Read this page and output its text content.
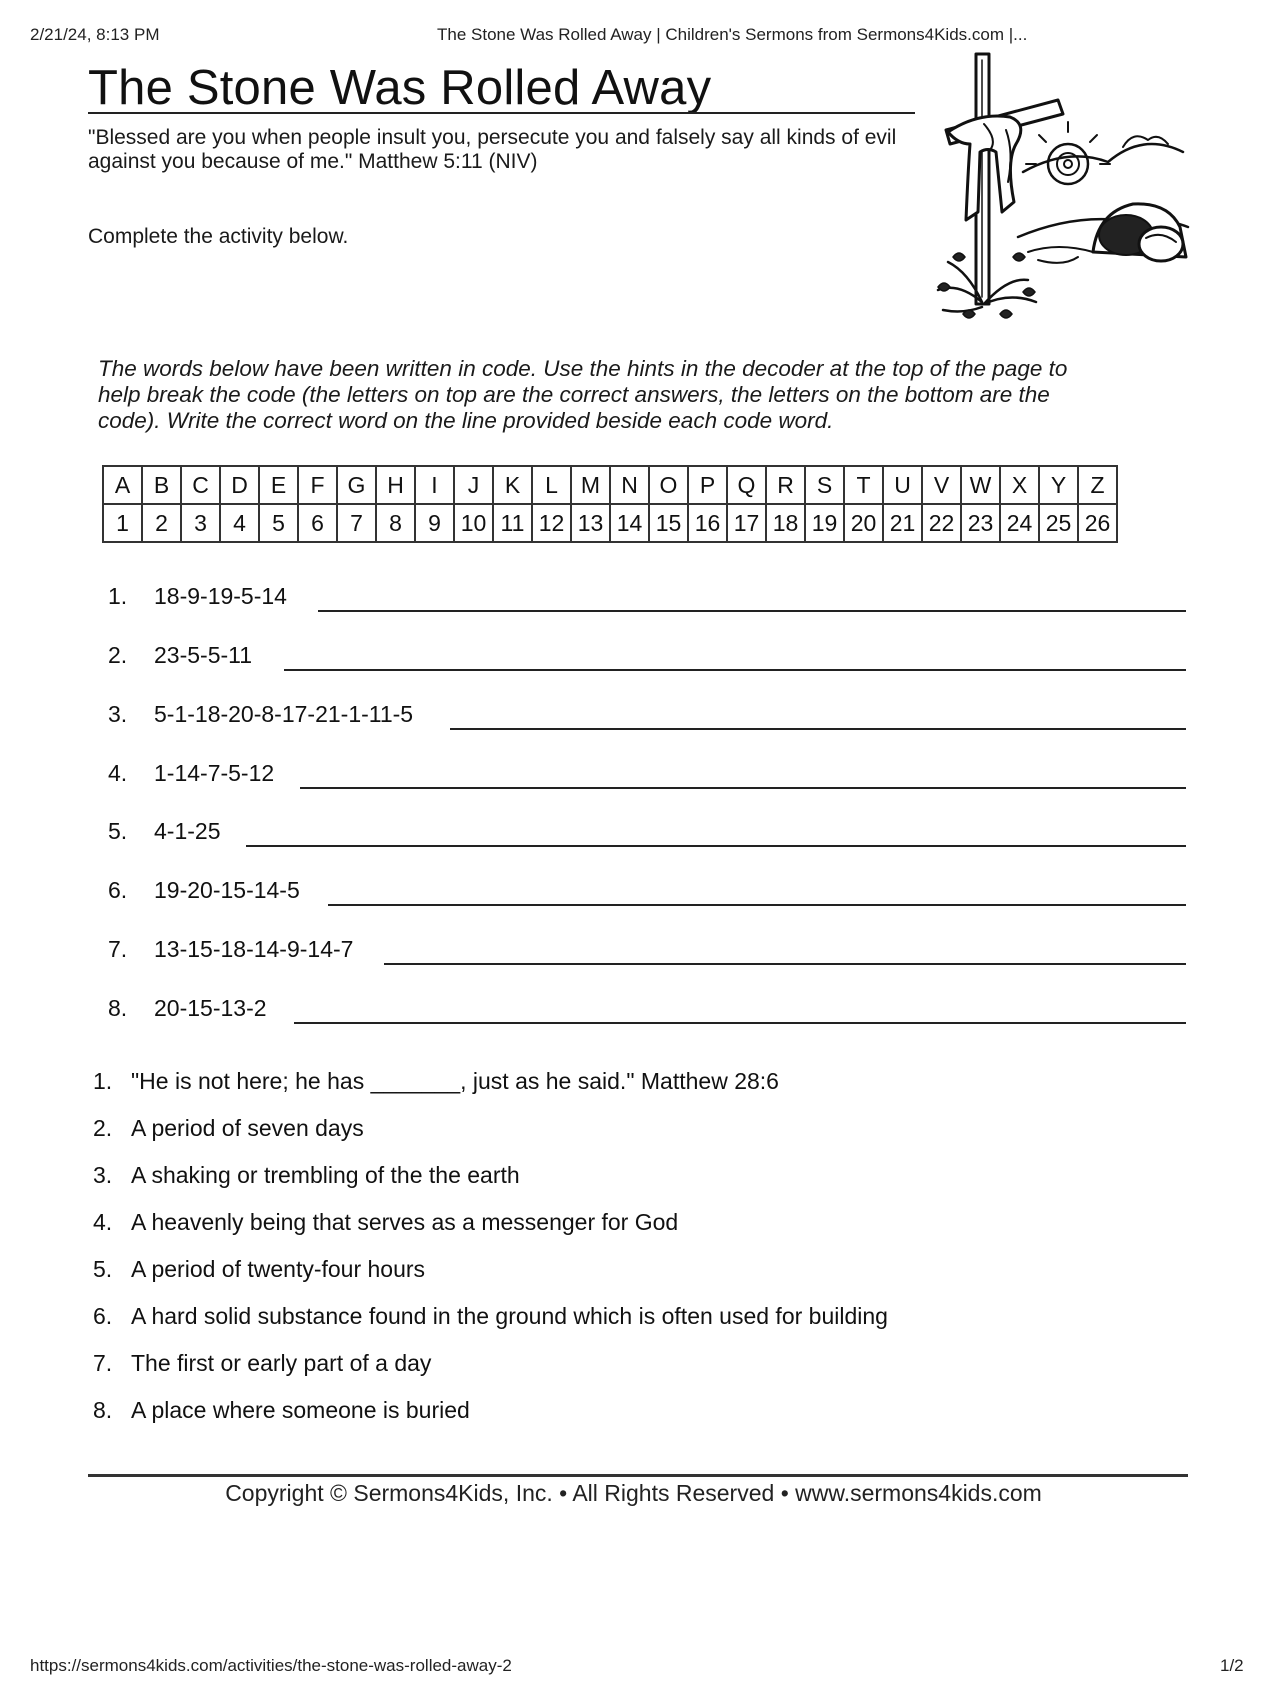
2/21/24, 8:13 PM	The Stone Was Rolled Away | Children's Sermons from Sermons4Kids.com |...
The Stone Was Rolled Away
"Blessed are you when people insult you, persecute you and falsely say all kinds of evil against you because of me." Matthew 5:11 (NIV)
Complete the activity below.
The words below have been written in code. Use the hints in the decoder at the top of the page to help break the code (the letters on top are the correct answers, the letters on the bottom are the code). Write the correct word on the line provided beside each code word.
A	B	C	D	E	F	G	H	I	J	K	L	M	N	O	P	Q	R	S	T	U	V	W	X	Y	Z
1	2	3	4	5	6	7	8	9	10	11	12	13	14	15	16	17	18	19	20	21	22	23	24	25	26
1. 18-9-19-5-14
2. 23-5-5-11
3. 5-1-18-20-8-17-21-1-11-5
4. 1-14-7-5-12
5. 4-1-25
6. 19-20-15-14-5
7. 13-15-18-14-9-14-7
8. 20-15-13-2
1. "He is not here; he has _______, just as he said." Matthew 28:6
2. A period of seven days
3. A shaking or trembling of the the earth
4. A heavenly being that serves as a messenger for God
5. A period of twenty-four hours
6. A hard solid substance found in the ground which is often used for building
7. The first or early part of a day
8. A place where someone is buried
Copyright © Sermons4Kids, Inc. • All Rights Reserved • www.sermons4kids.com
https://sermons4kids.com/activities/the-stone-was-rolled-away-2	1/2
